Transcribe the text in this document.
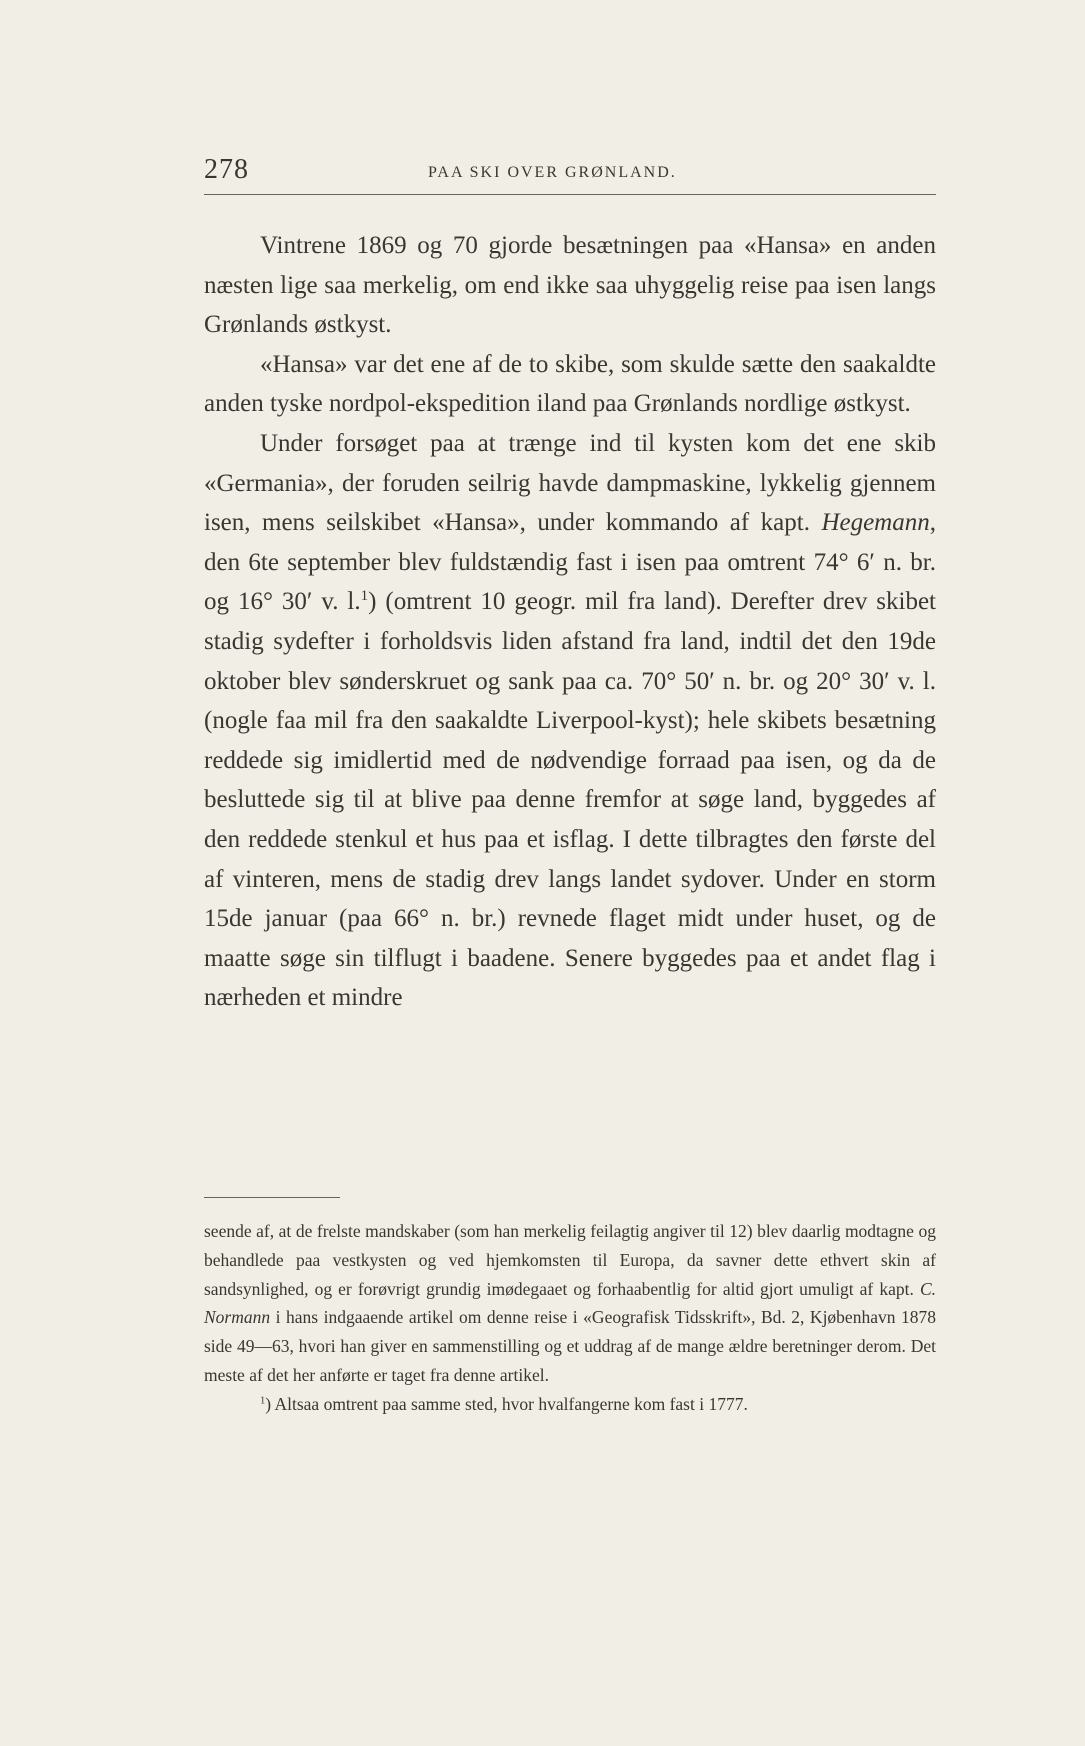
278	PAA SKI OVER GRØNLAND.

Vintrene 1869 og 70 gjorde besætningen paa «Hansa» en anden næsten lige saa merkelig, om end ikke saa uhyggelig reise paa isen langs Grønlands østkyst.

«Hansa» var det ene af de to skibe, som skulde sætte den saakaldte anden tyske nordpol-ekspedition iland paa Grønlands nordlige østkyst.

Under forsøget paa at trænge ind til kysten kom det ene skib «Germania», der foruden seilrig havde dampmaskine, lykkelig gjennem isen, mens seilskibet «Hansa», under kommando af kapt. Hegemann, den 6te september blev fuldstændig fast i isen paa omtrent 74° 6′ n. br. og 16° 30′ v. l.$^1$) (omtrent 10 geogr. mil fra land). Derefter drev skibet stadig sydefter i forholdsvis liden afstand fra land, indtil det den 19de oktober blev sønderskruet og sank paa ca. 70° 50′ n. br. og 20° 30′ v. l. (nogle faa mil fra den saakaldte Liverpool-kyst); hele skibets besætning reddede sig imidlertid med de nødvendige forraad paa isen, og da de besluttede sig til at blive paa denne fremfor at søge land, byggedes af den reddede stenkul et hus paa et isflag. I dette tilbragtes den første del af vinteren, mens de stadig drev langs landet sydover. Under en storm 15de januar (paa 66° n. br.) revnede flaget midt under huset, og de maatte søge sin tilflugt i baadene. Senere byggedes paa et andet flag i nærheden et mindre

seende af, at de frelste mandskaber (som han merkelig feilagtig angiver til 12) blev daarlig modtagne og behandlede paa vestkysten og ved hjemkomsten til Europa, da savner dette ethvert skin af sandsynlighed, og er forøvrigt grundig imødegaaet og forhaabentlig for altid gjort umuligt af kapt. C. Normann i hans indgaaende artikel om denne reise i «Geografisk Tidsskrift», Bd. 2, Kjøbenhavn 1878 side 49—63, hvori han giver en sammenstilling og et uddrag af de mange ældre beretninger derom. Det meste af det her anførte er taget fra denne artikel.

$^1$) Altsaa omtrent paa samme sted, hvor hvalfangerne kom fast i 1777.
